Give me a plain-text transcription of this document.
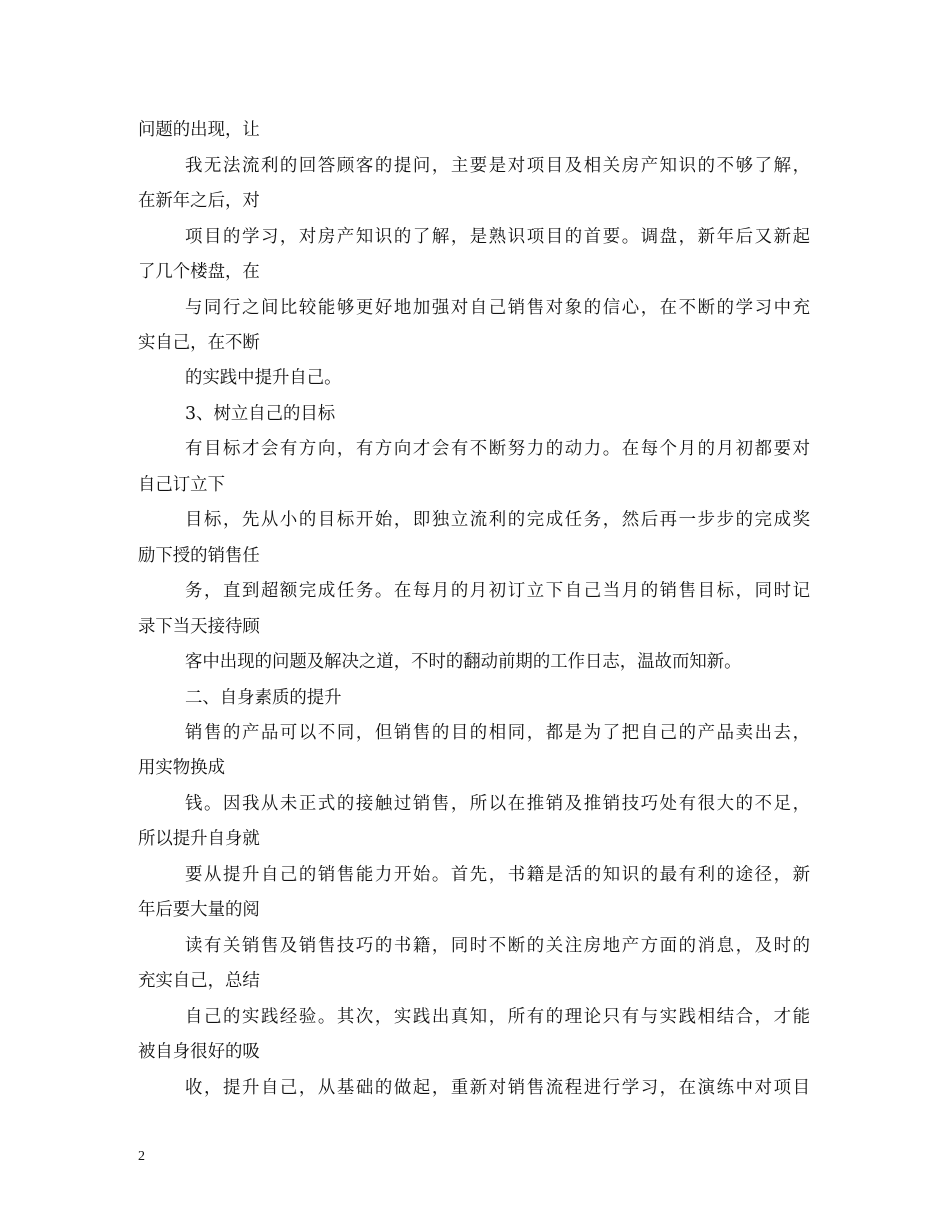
问题的出现，让
我无法流利的回答顾客的提问，主要是对项目及相关房产知识的不够了解，
在新年之后，对
项目的学习，对房产知识的了解，是熟识项目的首要。调盘，新年后又新起
了几个楼盘，在
与同行之间比较能够更好地加强对自己销售对象的信心，在不断的学习中充
实自己，在不断
的实践中提升自己。
3、树立自己的目标
有目标才会有方向，有方向才会有不断努力的动力。在每个月的月初都要对
自己订立下
目标，先从小的目标开始，即独立流利的完成任务，然后再一步步的完成奖
励下授的销售任
务，直到超额完成任务。在每月的月初订立下自己当月的销售目标，同时记
录下当天接待顾
客中出现的问题及解决之道，不时的翻动前期的工作日志，温故而知新。
二、自身素质的提升
销售的产品可以不同，但销售的目的相同，都是为了把自己的产品卖出去，
用实物换成
钱。因我从未正式的接触过销售，所以在推销及推销技巧处有很大的不足，
所以提升自身就
要从提升自己的销售能力开始。首先，书籍是活的知识的最有利的途径，新
年后要大量的阅
读有关销售及销售技巧的书籍，同时不断的关注房地产方面的消息，及时的
充实自己，总结
自己的实践经验。其次，实践出真知，所有的理论只有与实践相结合，才能
被自身很好的吸
收，提升自己，从基础的做起，重新对销售流程进行学习，在演练中对项目
2
